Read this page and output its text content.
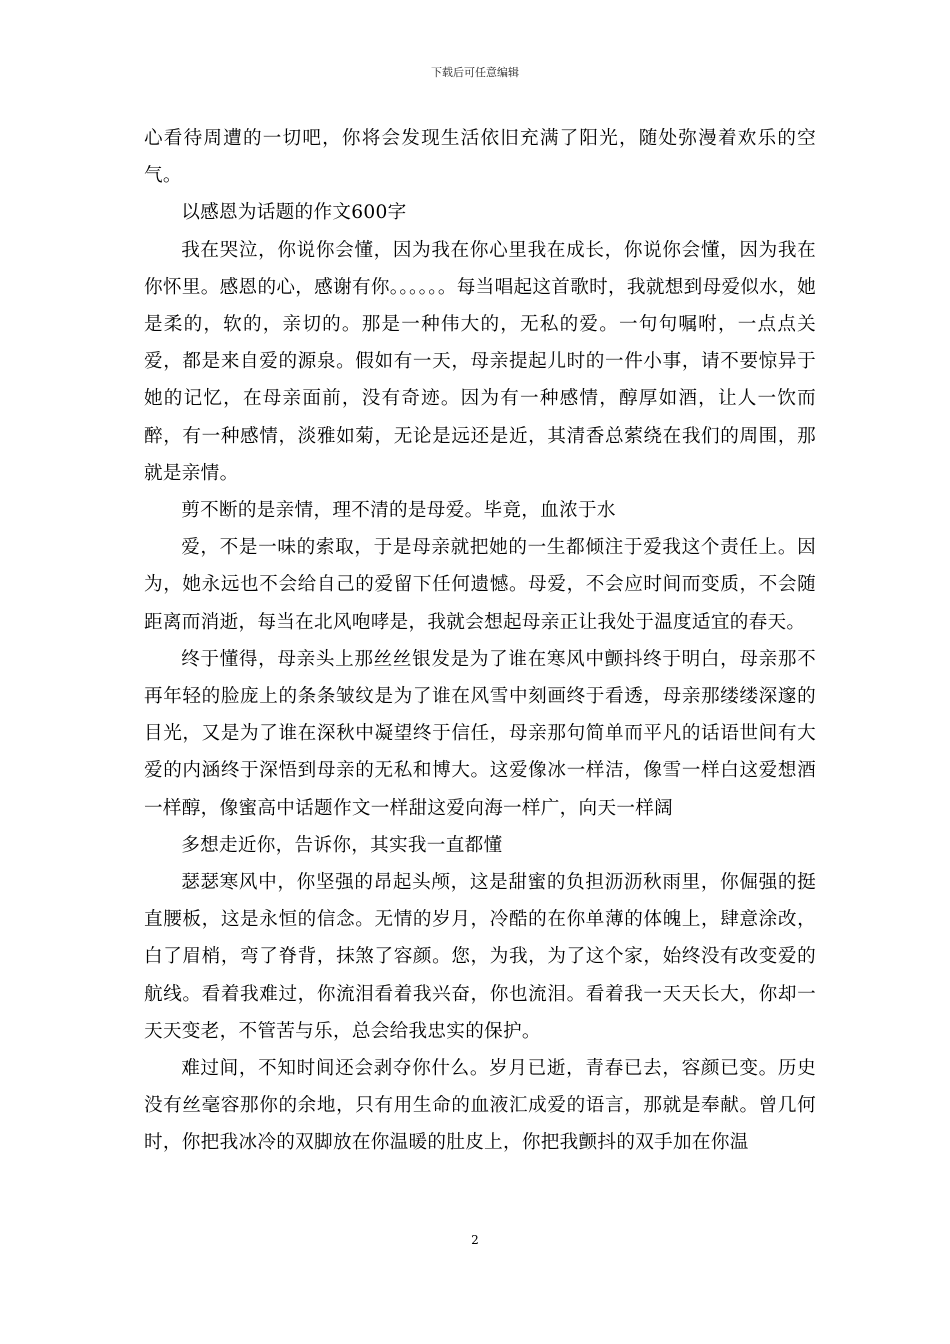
下载后可任意编辑

心看待周遭的一切吧，你将会发现生活依旧充满了阳光，随处弥漫着欢乐的空气。

以感恩为话题的作文600字

我在哭泣，你说你会懂，因为我在你心里我在成长，你说你会懂，因为我在你怀里。感恩的心，感谢有你。。。。。。每当唱起这首歌时，我就想到母爱似水，她是柔的，软的，亲切的。那是一种伟大的，无私的爱。一句句嘱咐，一点点关爱，都是来自爱的源泉。假如有一天，母亲提起儿时的一件小事，请不要惊异于她的记忆，在母亲面前，没有奇迹。因为有一种感情，醇厚如酒，让人一饮而醉，有一种感情，淡雅如菊，无论是远还是近，其清香总萦绕在我们的周围，那就是亲情。

剪不断的是亲情，理不清的是母爱。毕竟，血浓于水

爱，不是一味的索取，于是母亲就把她的一生都倾注于爱我这个责任上。因为，她永远也不会给自己的爱留下任何遗憾。母爱，不会应时间而变质，不会随距离而消逝，每当在北风咆哮是，我就会想起母亲正让我处于温度适宜的春天。

终于懂得，母亲头上那丝丝银发是为了谁在寒风中颤抖终于明白，母亲那不再年轻的脸庞上的条条皱纹是为了谁在风雪中刻画终于看透，母亲那缕缕深邃的目光，又是为了谁在深秋中凝望终于信任，母亲那句简单而平凡的话语世间有大爱的内涵终于深悟到母亲的无私和博大。这爱像冰一样洁，像雪一样白这爱想酒一样醇，像蜜高中话题作文一样甜这爱向海一样广，向天一样阔

多想走近你，告诉你，其实我一直都懂

瑟瑟寒风中，你坚强的昂起头颅，这是甜蜜的负担沥沥秋雨里，你倔强的挺直腰板，这是永恒的信念。无情的岁月，冷酷的在你单薄的体魄上，肆意涂改，白了眉梢，弯了脊背，抹煞了容颜。您，为我，为了这个家，始终没有改变爱的航线。看着我难过，你流泪看着我兴奋，你也流泪。看着我一天天长大，你却一天天变老，不管苦与乐，总会给我忠实的保护。

难过间，不知时间还会剥夺你什么。岁月已逝，青春已去，容颜已变。历史没有丝毫容那你的余地，只有用生命的血液汇成爱的语言，那就是奉献。曾几何时，你把我冰冷的双脚放在你温暖的肚皮上，你把我颤抖的双手加在你温

2
